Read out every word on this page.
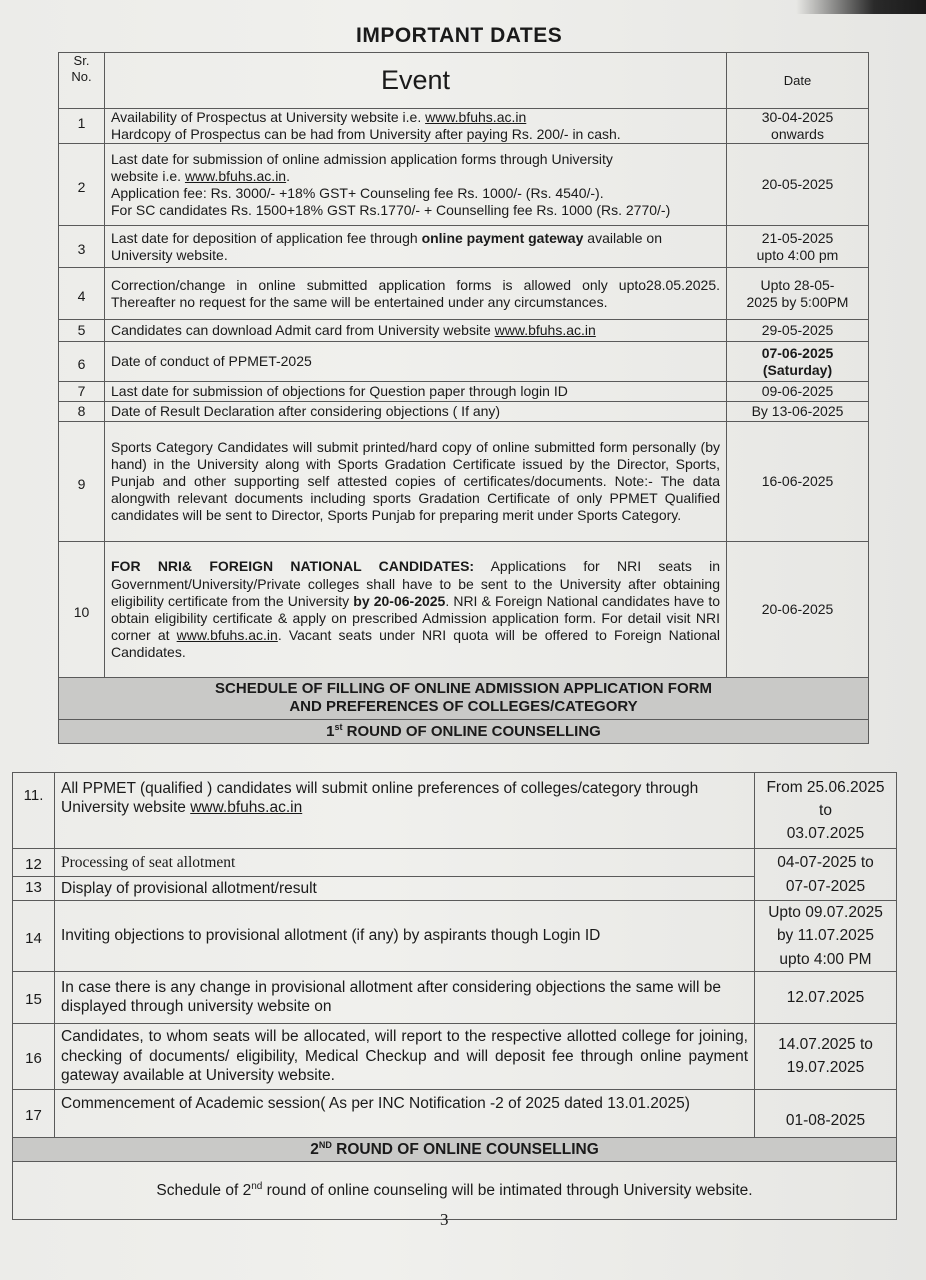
IMPORTANT DATES
Sr.
No.	Event	Date
1	Availability of Prospectus at University website i.e. www.bfuhs.ac.in
Hardcopy of Prospectus can be had from University after paying Rs. 200/- in cash.	30-04-2025
onwards
2	Last date for submission of online admission application forms through University
website i.e. www.bfuhs.ac.in.
Application fee: Rs. 3000/- +18% GST+ Counseling fee Rs. 1000/- (Rs. 4540/-).
For SC candidates Rs. 1500+18% GST Rs.1770/- + Counselling fee Rs. 1000 (Rs. 2770/-)	20-05-2025
3	Last date for deposition of application fee through online payment gateway available on University website.	21-05-2025
upto 4:00 pm
4	Correction/change in online submitted application forms is allowed only upto28.05.2025. Thereafter no request for the same will be entertained under any circumstances.	Upto 28-05-
2025 by 5:00PM
5	Candidates can download Admit card from University website www.bfuhs.ac.in	29-05-2025
6	Date of conduct of PPMET-2025	07-06-2025
(Saturday)
7	Last date for submission of objections for Question paper through login ID	09-06-2025
8	Date of Result Declaration after considering objections ( If any)	By 13-06-2025
9	Sports Category Candidates will submit printed/hard copy of online submitted form personally (by hand) in the University along with Sports Gradation Certificate issued by the Director, Sports, Punjab and other supporting self attested copies of certificates/documents. Note:- The data alongwith relevant documents including sports Gradation Certificate of only PPMET Qualified candidates will be sent to Director, Sports Punjab for preparing merit under Sports Category.	16-06-2025
10	FOR NRI& FOREIGN NATIONAL CANDIDATES: Applications for NRI seats in Government/University/Private colleges shall have to be sent to the University after obtaining eligibility certificate from the University by 20-06-2025. NRI & Foreign National candidates have to obtain eligibility certificate & apply on prescribed Admission application form. For detail visit NRI corner at www.bfuhs.ac.in. Vacant seats under NRI quota will be offered to Foreign National Candidates.	20-06-2025
SCHEDULE OF FILLING OF ONLINE ADMISSION APPLICATION FORM
AND PREFERENCES OF COLLEGES/CATEGORY		
1st ROUND OF ONLINE COUNSELLING		
11.	All PPMET (qualified ) candidates will submit online preferences of colleges/category through University website www.bfuhs.ac.in	From 25.06.2025
to
03.07.2025
12	Processing of seat allotment	04-07-2025 to
07-07-2025
13	Display of provisional allotment/result	
14	Inviting objections to provisional allotment (if any) by aspirants though Login ID	Upto 09.07.2025
by 11.07.2025
upto 4:00 PM
15	In case there is any change in provisional allotment after considering objections the same will be displayed through university website on	12.07.2025
16	Candidates, to whom seats will be allocated, will report to the respective allotted college for joining, checking of documents/ eligibility, Medical Checkup and will deposit fee through online payment gateway available at University website.	14.07.2025 to
19.07.2025
17	Commencement of Academic session( As per INC Notification -2 of 2025 dated 13.01.2025)	01-08-2025
2ND ROUND OF ONLINE COUNSELLING		
Schedule of 2nd round of online counseling will be intimated through University website.		
3
